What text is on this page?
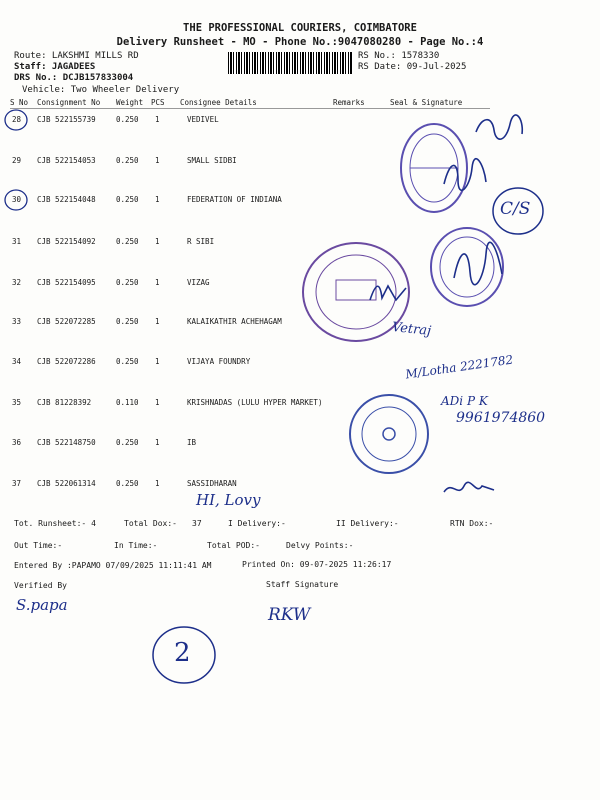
THE PROFESSIONAL COURIERS, COIMBATORE
Delivery Runsheet - MO - Phone No.:9047080280 - Page No.:4
Route: LAKSHMI MILLS RD
Staff: JAGADEES
DRS No.: DCJB157833004
Vehicle: Two Wheeler Delivery
RS No.: 1578330
RS Date: 09-Jul-2025
S No Consignment No Weight PCS Consignee Details	Remarks	Seal & Signature
28 CJB 522155739	0.250 1	VEDIVEL
29 CJB 522154053	0.250 1	SMALL SIDBI
30 CJB 522154048	0.250 1	FEDERATION OF INDIANA
31 CJB 522154092	0.250 1	R SIBI
32 CJB 522154095	0.250 1	VIZAG
33 CJB 522072285	0.250 1	KALAIKATHIR ACHEHAGAM
34 CJB 522072286	0.250 1	VIJAYA FOUNDRY
35 CJB 81228392	0.110 1	KRISHNADAS (LULU HYPER MARKET)
36 CJB 522148750	0.250 1	IB
37 CJB 522061314	0.250 1	SASSIDHARAN
Tot. Runsheet:- 4	Total Dox:- 37	I Delivery:-	II Delivery:-	RTN Dox:-
Out Time:-	In Time:-	Total POD:-	Delvy Points:-
Entered By :PAPAMO 07/09/2025 11:11:41 AM	Printed On: 09-07-2025 11:26:17
Verified By	Staff Signature
C/S
Vetraj
M/Lotha 2221782
ADi P K
9961974860
HI, Lovy
S.papa	RKW
2
